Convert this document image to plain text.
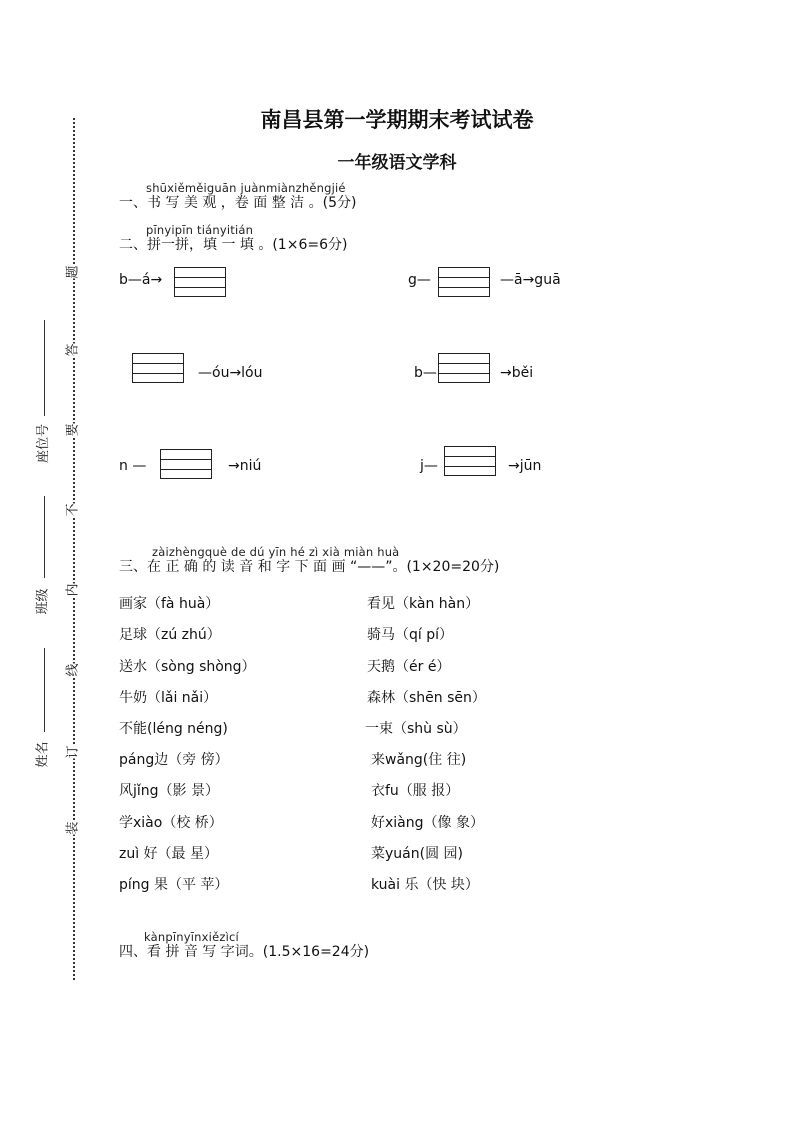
题
答
要
不
内
线
订
装
座位号
班级
姓名
南昌县第一学期期末考试试卷
一年级语文学科
shūxiěměiguān juànmiànzhěngjié
一、书 写 美 观 ，卷 面 整 洁 。(5分)
pīnyipīn tiányitián
二、拼一拼，填 一 填 。(1×6=6分)
b—á→	g—	—ā→guā
—óu→lóu	b—	→běi
n —	→niú	j—	→jūn
zàizhèngquè de dú yīn hé zì xià miàn huà
三、在 正 确 的 读 音 和 字 下 面 画 “——”。(1×20=20分)
画家（fà huà）	看见（kàn hàn）
足球（zú zhú）	骑马（qí pí）
送水（sòng shòng）	天鹅（ér é）
牛奶（lǎi nǎi）	森林（shēn sēn）
不能(léng néng)	一束（shù sù）
páng边（旁 傍）	来wǎng(住 往)
风jǐng（影 景）	衣fu（服 报）
学xiào（校 桥）	好xiàng（像 象）
zuì 好（最 星）	菜yuán(圆 园)
píng 果（平 苹）	kuài 乐（快 块）
kànpīnyīnxiězìcí
四、看 拼 音 写 字词。(1.5×16=24分)
